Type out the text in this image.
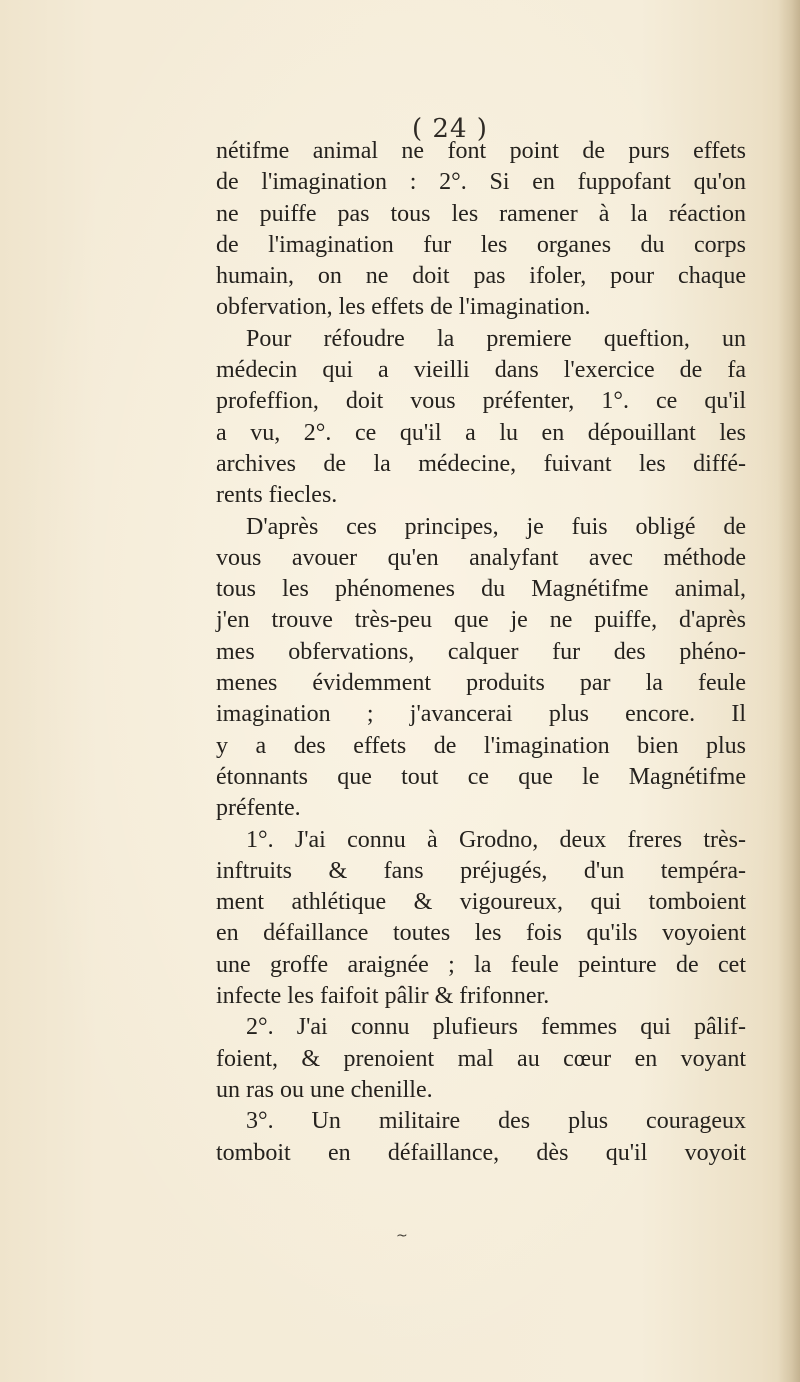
( 24 )
nétifme animal ne font point de purs effets
de l'imagination : 2°. Si en fuppofant qu'on
ne puiffe pas tous les ramener à la réaction
de l'imagination fur les organes du corps
humain, on ne doit pas ifoler, pour chaque
obfervation, les effets de l'imagination.
Pour réfoudre la premiere queftion, un
médecin qui a vieilli dans l'exercice de fa
profeffion, doit vous préfenter, 1°. ce qu'il
a vu, 2°. ce qu'il a lu en dépouillant les
archives de la médecine, fuivant les diffé-
rents fiecles.
D'après ces principes, je fuis obligé de
vous avouer qu'en analyfant avec méthode
tous les phénomenes du Magnétifme animal,
j'en trouve très-peu que je ne puiffe, d'après
mes obfervations, calquer fur des phéno-
menes évidemment produits par la feule
imagination ; j'avancerai plus encore. Il
y a des effets de l'imagination bien plus
étonnants que tout ce que le Magnétifme
préfente.
1°. J'ai connu à Grodno, deux freres très-
inftruits & fans préjugés, d'un tempéra-
ment athlétique & vigoureux, qui tomboient
en défaillance toutes les fois qu'ils voyoient
une groffe araignée ; la feule peinture de cet
infecte les faifoit pâlir & frifonner.
2°. J'ai connu plufieurs femmes qui pâlif-
foient, & prenoient mal au cœur en voyant
un ras ou une chenille.
3°. Un militaire des plus courageux
tomboit en défaillance, dès qu'il voyoit
~
